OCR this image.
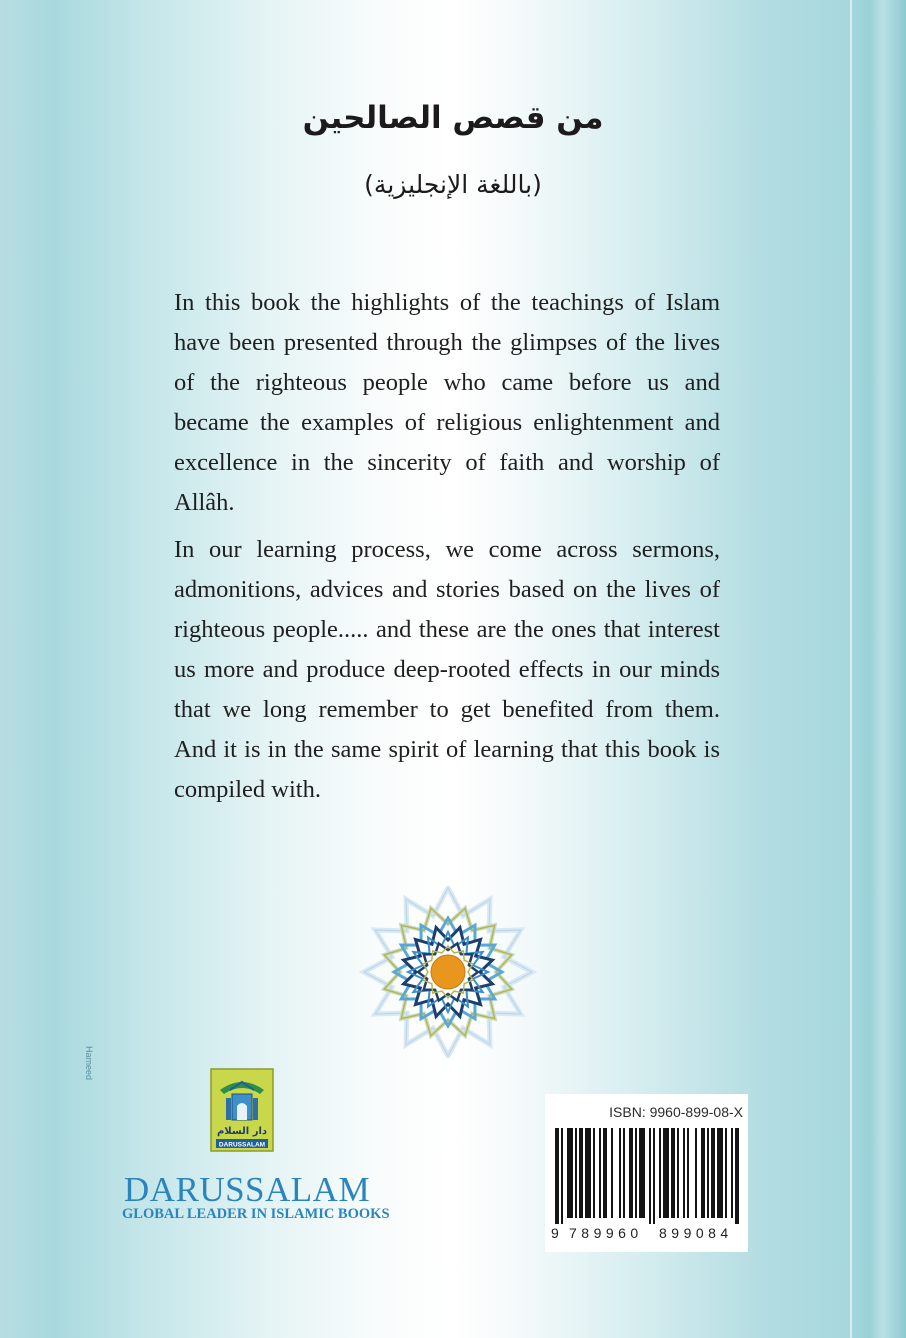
من قصص الصالحين
(باللغة الإنجليزية)

In this book the highlights of the teachings of Islam have been presented through the glimpses of the lives of the righteous people who came before us and became the examples of religious enlightenment and excellence in the sincerity of faith and worship of Allâh.

In our learning process, we come across sermons, admonitions, advices and stories based on the lives of righteous people..... and these are the ones that interest us more and produce deep-rooted effects in our minds that we long remember to get benefited from them. And it is in the same spirit of learning that this book is compiled with.

Hameed
دار السلام
DARUSSALAM
DARUSSALAM
GLOBAL LEADER IN ISLAMIC BOOKS
ISBN: 9960-899-08-X
9 789960 899084
